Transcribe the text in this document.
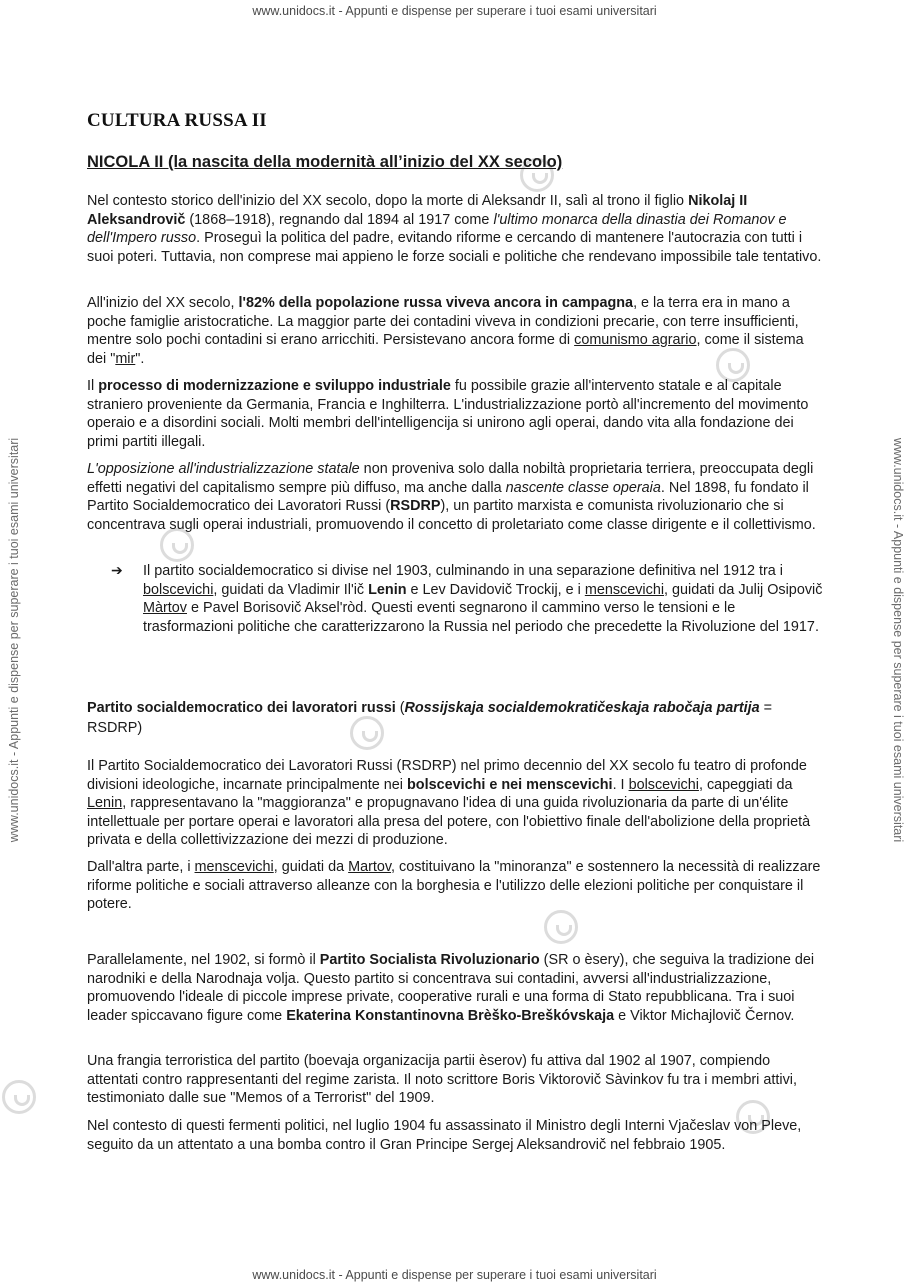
www.unidocs.it - Appunti e dispense per superare i tuoi esami universitari
www.unidocs.it - Appunti e dispense per superare i tuoi esami universitari
www.unidocs.it - Appunti e dispense per superare i tuoi esami universitari	www.unidocs.it - Appunti e dispense per superare i tuoi esami universitari
CULTURA RUSSA II
NICOLA II (la nascita della modernità all’inizio del XX secolo)

Nel contesto storico dell'inizio del XX secolo, dopo la morte di Aleksandr II, salì al trono il figlio Nikolaj II Aleksandrovič (1868–1918), regnando dal 1894 al 1917 come l'ultimo monarca della dinastia dei Romanov e dell'Impero russo. Proseguì la politica del padre, evitando riforme e cercando di mantenere l'autocrazia con tutti i suoi poteri. Tuttavia, non comprese mai appieno le forze sociali e politiche che rendevano impossibile tale tentativo.

All'inizio del XX secolo, l'82% della popolazione russa viveva ancora in campagna, e la terra era in mano a poche famiglie aristocratiche. La maggior parte dei contadini viveva in condizioni precarie, con terre insufficienti, mentre solo pochi contadini si erano arricchiti. Persistevano ancora forme di comunismo agrario, come il sistema dei "mir".

Il processo di modernizzazione e sviluppo industriale fu possibile grazie all'intervento statale e al capitale straniero proveniente da Germania, Francia e Inghilterra. L'industrializzazione portò all'incremento del movimento operaio e a disordini sociali. Molti membri dell'intelligencija si unirono agli operai, dando vita alla fondazione dei primi partiti illegali.

L'opposizione all'industrializzazione statale non proveniva solo dalla nobiltà proprietaria terriera, preoccupata degli effetti negativi del capitalismo sempre più diffuso, ma anche dalla nascente classe operaia. Nel 1898, fu fondato il Partito Socialdemocratico dei Lavoratori Russi (RSDRP), un partito marxista e comunista rivoluzionario che si concentrava sugli operai industriali, promuovendo il concetto di proletariato come classe dirigente e il collettivismo.

➔ Il partito socialdemocratico si divise nel 1903, culminando in una separazione definitiva nel 1912 tra i bolscevichi, guidati da Vladimir Il'ič Lenin e Lev Davidovič Trockij, e i menscevichi, guidati da Julij Osipovič Màrtov e Pavel Borisovič Aksel'ròd. Questi eventi segnarono il cammino verso le tensioni e le trasformazioni politiche che caratterizzarono la Russia nel periodo che precedette la Rivoluzione del 1917.

Partito socialdemocratico dei lavoratori russi (Rossijskaja socialdemokratičeskaja rabočaja partija = RSDRP)

Il Partito Socialdemocratico dei Lavoratori Russi (RSDRP) nel primo decennio del XX secolo fu teatro di profonde divisioni ideologiche, incarnate principalmente nei bolscevichi e nei menscevichi. I bolscevichi, capeggiati da Lenin, rappresentavano la "maggioranza" e propugnavano l'idea di una guida rivoluzionaria da parte di un'élite intellettuale per portare operai e lavoratori alla presa del potere, con l'obiettivo finale dell'abolizione della proprietà privata e della collettivizzazione dei mezzi di produzione.

Dall'altra parte, i menscevichi, guidati da Martov, costituivano la "minoranza" e sostennero la necessità di realizzare riforme politiche e sociali attraverso alleanze con la borghesia e l'utilizzo delle elezioni politiche per conquistare il potere.

Parallelamente, nel 1902, si formò il Partito Socialista Rivoluzionario (SR o èsery), che seguiva la tradizione dei narodniki e della Narodnaja volja. Questo partito si concentrava sui contadini, avversi all'industrializzazione, promuovendo l'ideale di piccole imprese private, cooperative rurali e una forma di Stato repubblicana. Tra i suoi leader spiccavano figure come Ekaterina Konstantinovna Brèško-Breškóvskaja e Viktor Michajlovič Černov.

Una frangia terroristica del partito (boevaja organizacija partii èserov) fu attiva dal 1902 al 1907, compiendo attentati contro rappresentanti del regime zarista. Il noto scrittore Boris Viktorovič Sàvinkov fu tra i membri attivi, testimoniato dalle sue "Memos of a Terrorist" del 1909.

Nel contesto di questi fermenti politici, nel luglio 1904 fu assassinato il Ministro degli Interni Vjačeslav von Pleve, seguito da un attentato a una bomba contro il Gran Principe Sergej Aleksandrovič nel febbraio 1905.
